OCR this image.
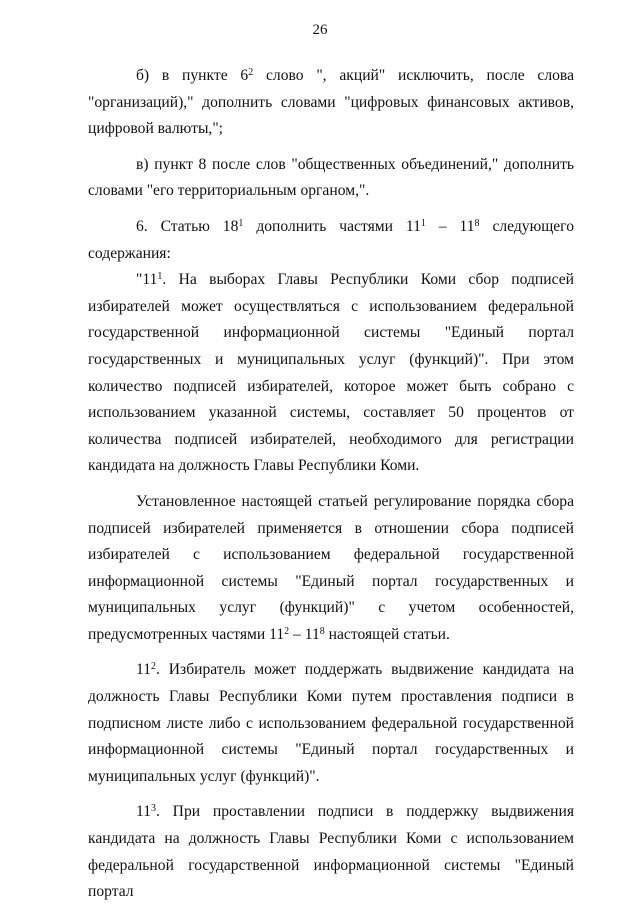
26

б) в пункте $6^2$ слово ", акций" исключить, после слова "организаций)," дополнить словами "цифровых финансовых активов, цифровой валюты,";

в) пункт 8 после слов "общественных объединений," дополнить словами "его территориальным органом,".

6. Статью $18^1$ дополнить частями $11^1 - 11^8$ следующего содержания:

"$11^1$. На выборах Главы Республики Коми сбор подписей избирателей может осуществляться с использованием федеральной государственной информационной системы "Единый портал государственных и муниципальных услуг (функций)". При этом количество подписей избирателей, которое может быть собрано с использованием указанной системы, составляет 50 процентов от количества подписей избирателей, необходимого для регистрации кандидата на должность Главы Республики Коми.

Установленное настоящей статьей регулирование порядка сбора подписей избирателей применяется в отношении сбора подписей избирателей с использованием федеральной государственной информационной системы "Единый портал государственных и муниципальных услуг (функций)" с учетом особенностей, предусмотренных частями $11^2 - 11^8$ настоящей статьи.

$11^2$. Избиратель может поддержать выдвижение кандидата на должность Главы Республики Коми путем проставления подписи в подписном листе либо с использованием федеральной государственной информационной системы "Единый портал государственных и муниципальных услуг (функций)".

$11^3$. При проставлении подписи в поддержку выдвижения кандидата на должность Главы Республики Коми с использованием федеральной государственной информационной системы "Единый портал
